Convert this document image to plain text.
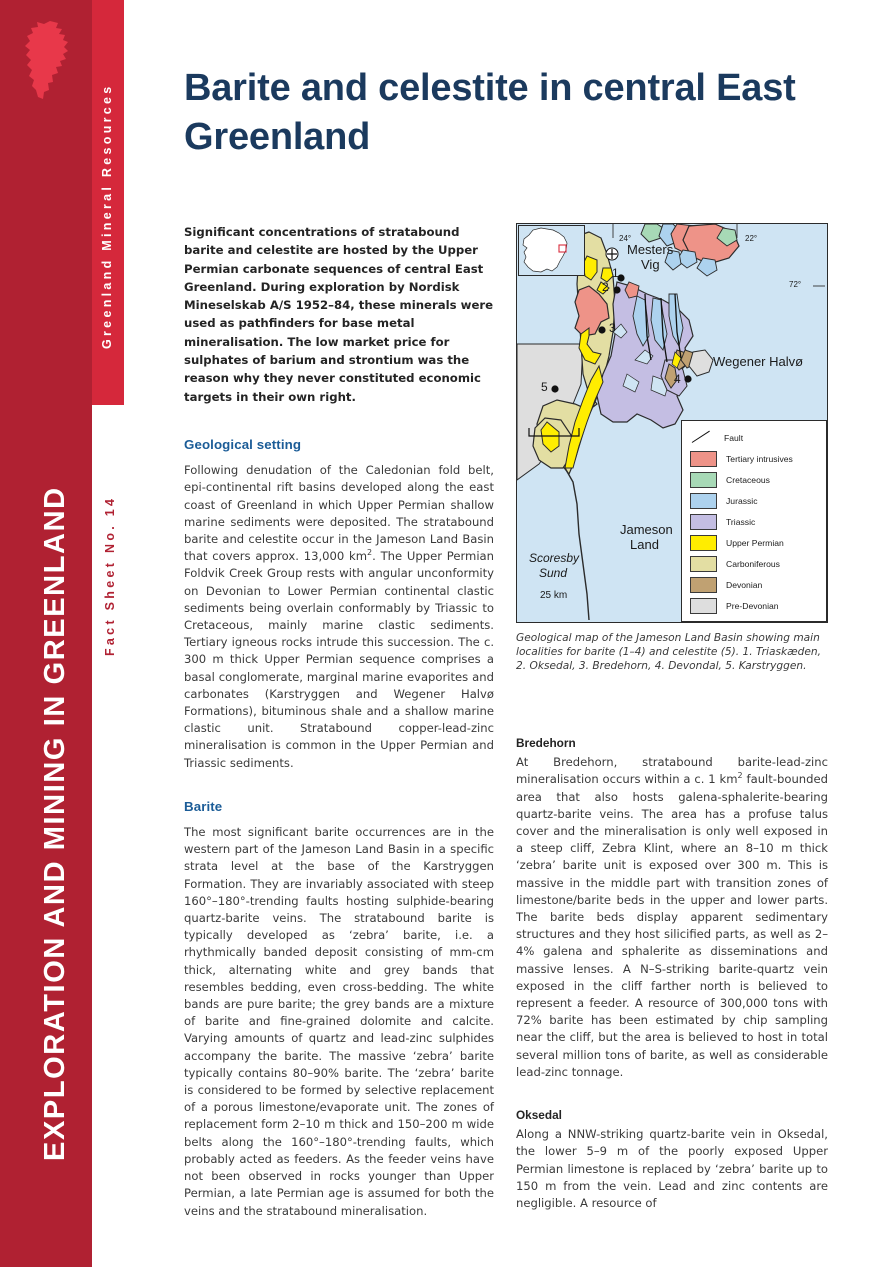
EXPLORATION AND MINING IN GREENLAND
Greenland Mineral Resources
Fact Sheet No. 14
Barite and celestite in central East Greenland

Significant concentrations of stratabound barite and celestite are hosted by the Upper Permian carbonate sequences of central East Greenland. During exploration by Nordisk Mineselskab A/S 1952–84, these minerals were used as pathfinders for base metal mineralisation. The low market price for sulphates of barium and strontium was the reason why they never constituted economic targets in their own right.

Geological setting

Following denudation of the Caledonian fold belt, epi-continental rift basins developed along the east coast of Greenland in which Upper Permian shallow marine sediments were deposited. The stratabound barite and celestite occur in the Jameson Land Basin that covers approx. 13,000 $km^2$. The Upper Permian Foldvik Creek Group rests with angular unconformity on Devonian to Lower Permian continental clastic sediments being overlain conformably by Triassic to Cretaceous, mainly marine clastic sediments. Tertiary igneous rocks intrude this succession. The c. 300 m thick Upper Permian sequence comprises a basal conglomerate, marginal marine evaporites and carbonates (Karstryggen and Wegener Halvø Formations), bituminous shale and a shallow marine clastic unit. Stratabound copper-lead-zinc mineralisation is common in the Upper Permian and Triassic sediments.

Barite

The most significant barite occurrences are in the western part of the Jameson Land Basin in a specific strata level at the base of the Karstryggen Formation. They are invariably associated with steep 160°–180°-trending faults hosting sulphide-bearing quartz-barite veins. The stratabound barite is typically developed as ‘zebra’ barite, i.e. a rhythmically banded deposit consisting of mm-cm thick, alternating white and grey bands that resembles bedding, even cross-bedding. The white bands are pure barite; the grey bands are a mixture of barite and fine-grained dolomite and calcite. Varying amounts of quartz and lead-zinc sulphides accompany the barite. The massive ‘zebra’ barite typically contains 80–90% barite. The ‘zebra’ barite is considered to be formed by selective replacement of a porous limestone/evaporate unit. The zones of replacement form 2–10 m thick and 150–200 m wide belts along the 160°–180°-trending faults, which probably acted as feeders. As the feeder veins have not been observed in rocks younger than Upper Permian, a late Permian age is assumed for both the veins and the stratabound mineralisation.

24°	22°
72°
Mesters
Vig
Wegener Halvø
Jameson
Land
Scoresby
Sund
25 km
1
2
3
4
5
Fault
Tertiary intrusives
Cretaceous
Jurassic
Triassic
Upper Permian
Carboniferous
Devonian
Pre-Devonian
Geological map of the Jameson Land Basin showing main localities for barite (1–4) and celestite (5). 1. Triaskæden, 2. Oksedal, 3. Bredehorn, 4. Devondal, 5. Karstryggen.
Bredehorn

At Bredehorn, stratabound barite-lead-zinc mineralisation occurs within a c. 1 $km^2$ fault-bounded area that also hosts galena-sphalerite-bearing quartz-barite veins. The area has a profuse talus cover and the mineralisation is only well exposed in a steep cliff, Zebra Klint, where an 8–10 m thick ‘zebra’ barite unit is exposed over 300 m. This is massive in the middle part with transition zones of limestone/barite beds in the upper and lower parts. The barite beds display apparent sedimentary structures and they host silicified parts, as well as 2–4% galena and sphalerite as disseminations and massive lenses. A N–S-striking barite-quartz vein exposed in the cliff farther north is believed to represent a feeder. A resource of 300,000 tons with 72% barite has been estimated by chip sampling near the cliff, but the area is believed to host in total several million tons of barite, as well as considerable lead-zinc tonnage.

Oksedal

Along a NNW-striking quartz-barite vein in Oksedal, the lower 5–9 m of the poorly exposed Upper Permian limestone is replaced by ‘zebra’ barite up to 150 m from the vein. Lead and zinc contents are negligible. A resource of
